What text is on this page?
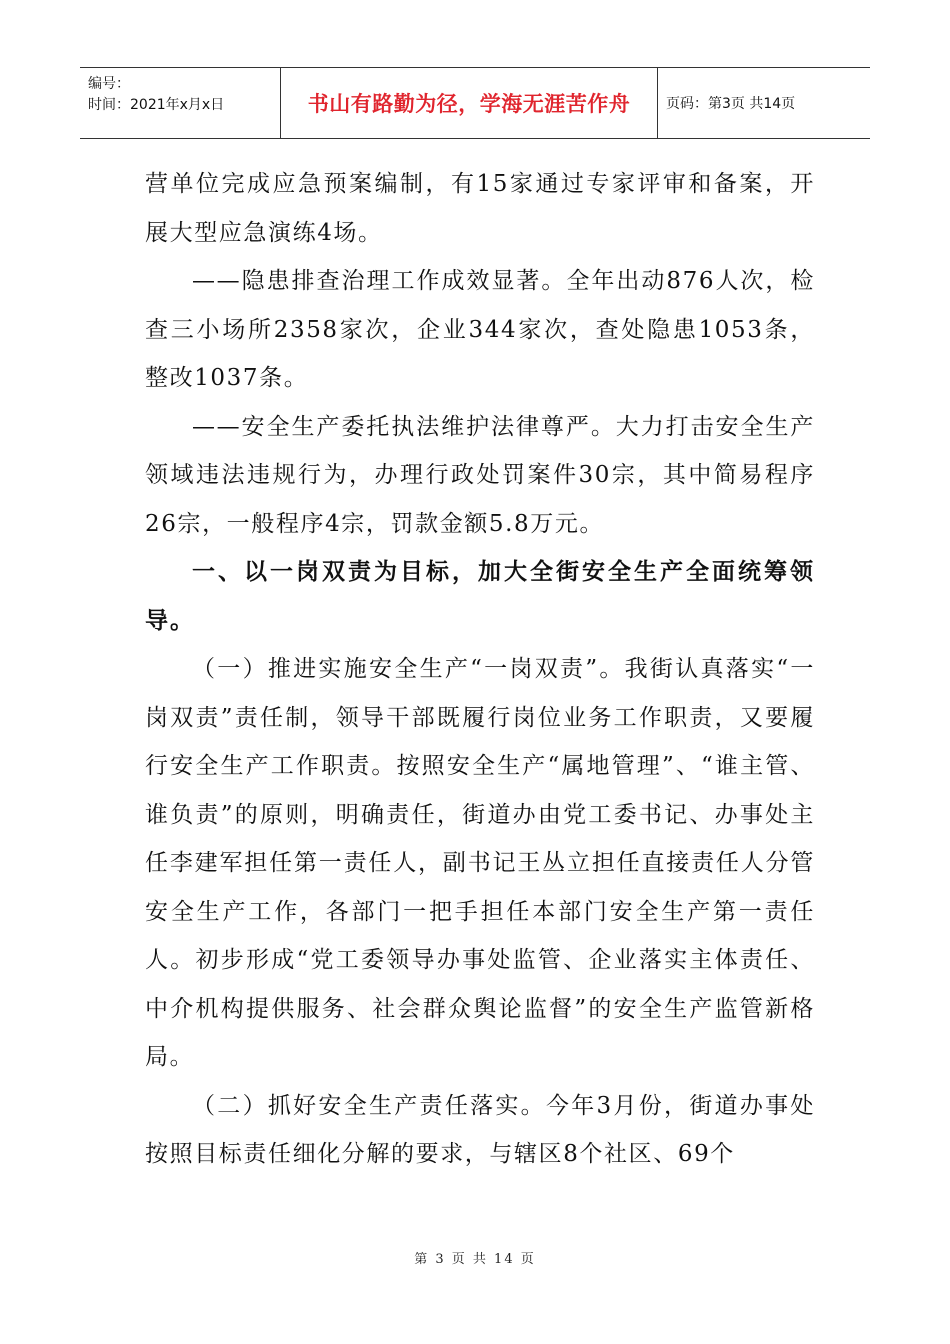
编号：
时间：2021年x月x日	书山有路勤为径，学海无涯苦作舟	页码：第3页 共14页

营单位完成应急预案编制，有15家通过专家评审和备案，开展大型应急演练4场。

——隐患排查治理工作成效显著。全年出动876人次，检查三小场所2358家次，企业344家次，查处隐患1053条，整改1037条。

——安全生产委托执法维护法律尊严。大力打击安全生产领域违法违规行为，办理行政处罚案件30宗，其中简易程序26宗，一般程序4宗，罚款金额5.8万元。

一、以一岗双责为目标，加大全街安全生产全面统筹领导。

（一）推进实施安全生产“一岗双责”。我街认真落实“一岗双责”责任制，领导干部既履行岗位业务工作职责，又要履行安全生产工作职责。按照安全生产“属地管理”、“谁主管、谁负责”的原则，明确责任，街道办由党工委书记、办事处主任李建军担任第一责任人，副书记王丛立担任直接责任人分管安全生产工作，各部门一把手担任本部门安全生产第一责任人。初步形成“党工委领导办事处监管、企业落实主体责任、中介机构提供服务、社会群众舆论监督”的安全生产监管新格局。

（二）抓好安全生产责任落实。今年3月份，街道办事处按照目标责任细化分解的要求，与辖区8个社区、69个

第 3 页 共 14 页
